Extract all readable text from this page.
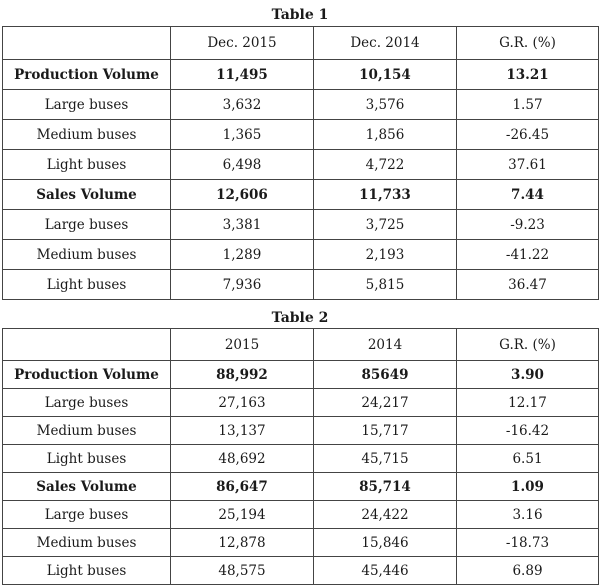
Table 1
	Dec. 2015	Dec. 2014	G.R. (%)
Production Volume	11,495	10,154	13.21
Large buses	3,632	3,576	1.57
Medium buses	1,365	1,856	-26.45
Light buses	6,498	4,722	37.61
Sales Volume	12,606	11,733	7.44
Large buses	3,381	3,725	-9.23
Medium buses	1,289	2,193	-41.22
Light buses	7,936	5,815	36.47
Table 2
	2015	2014	G.R. (%)
Production Volume	88,992	85649	3.90
Large buses	27,163	24,217	12.17
Medium buses	13,137	15,717	-16.42
Light buses	48,692	45,715	6.51
Sales Volume	86,647	85,714	1.09
Large buses	25,194	24,422	3.16
Medium buses	12,878	15,846	-18.73
Light buses	48,575	45,446	6.89
